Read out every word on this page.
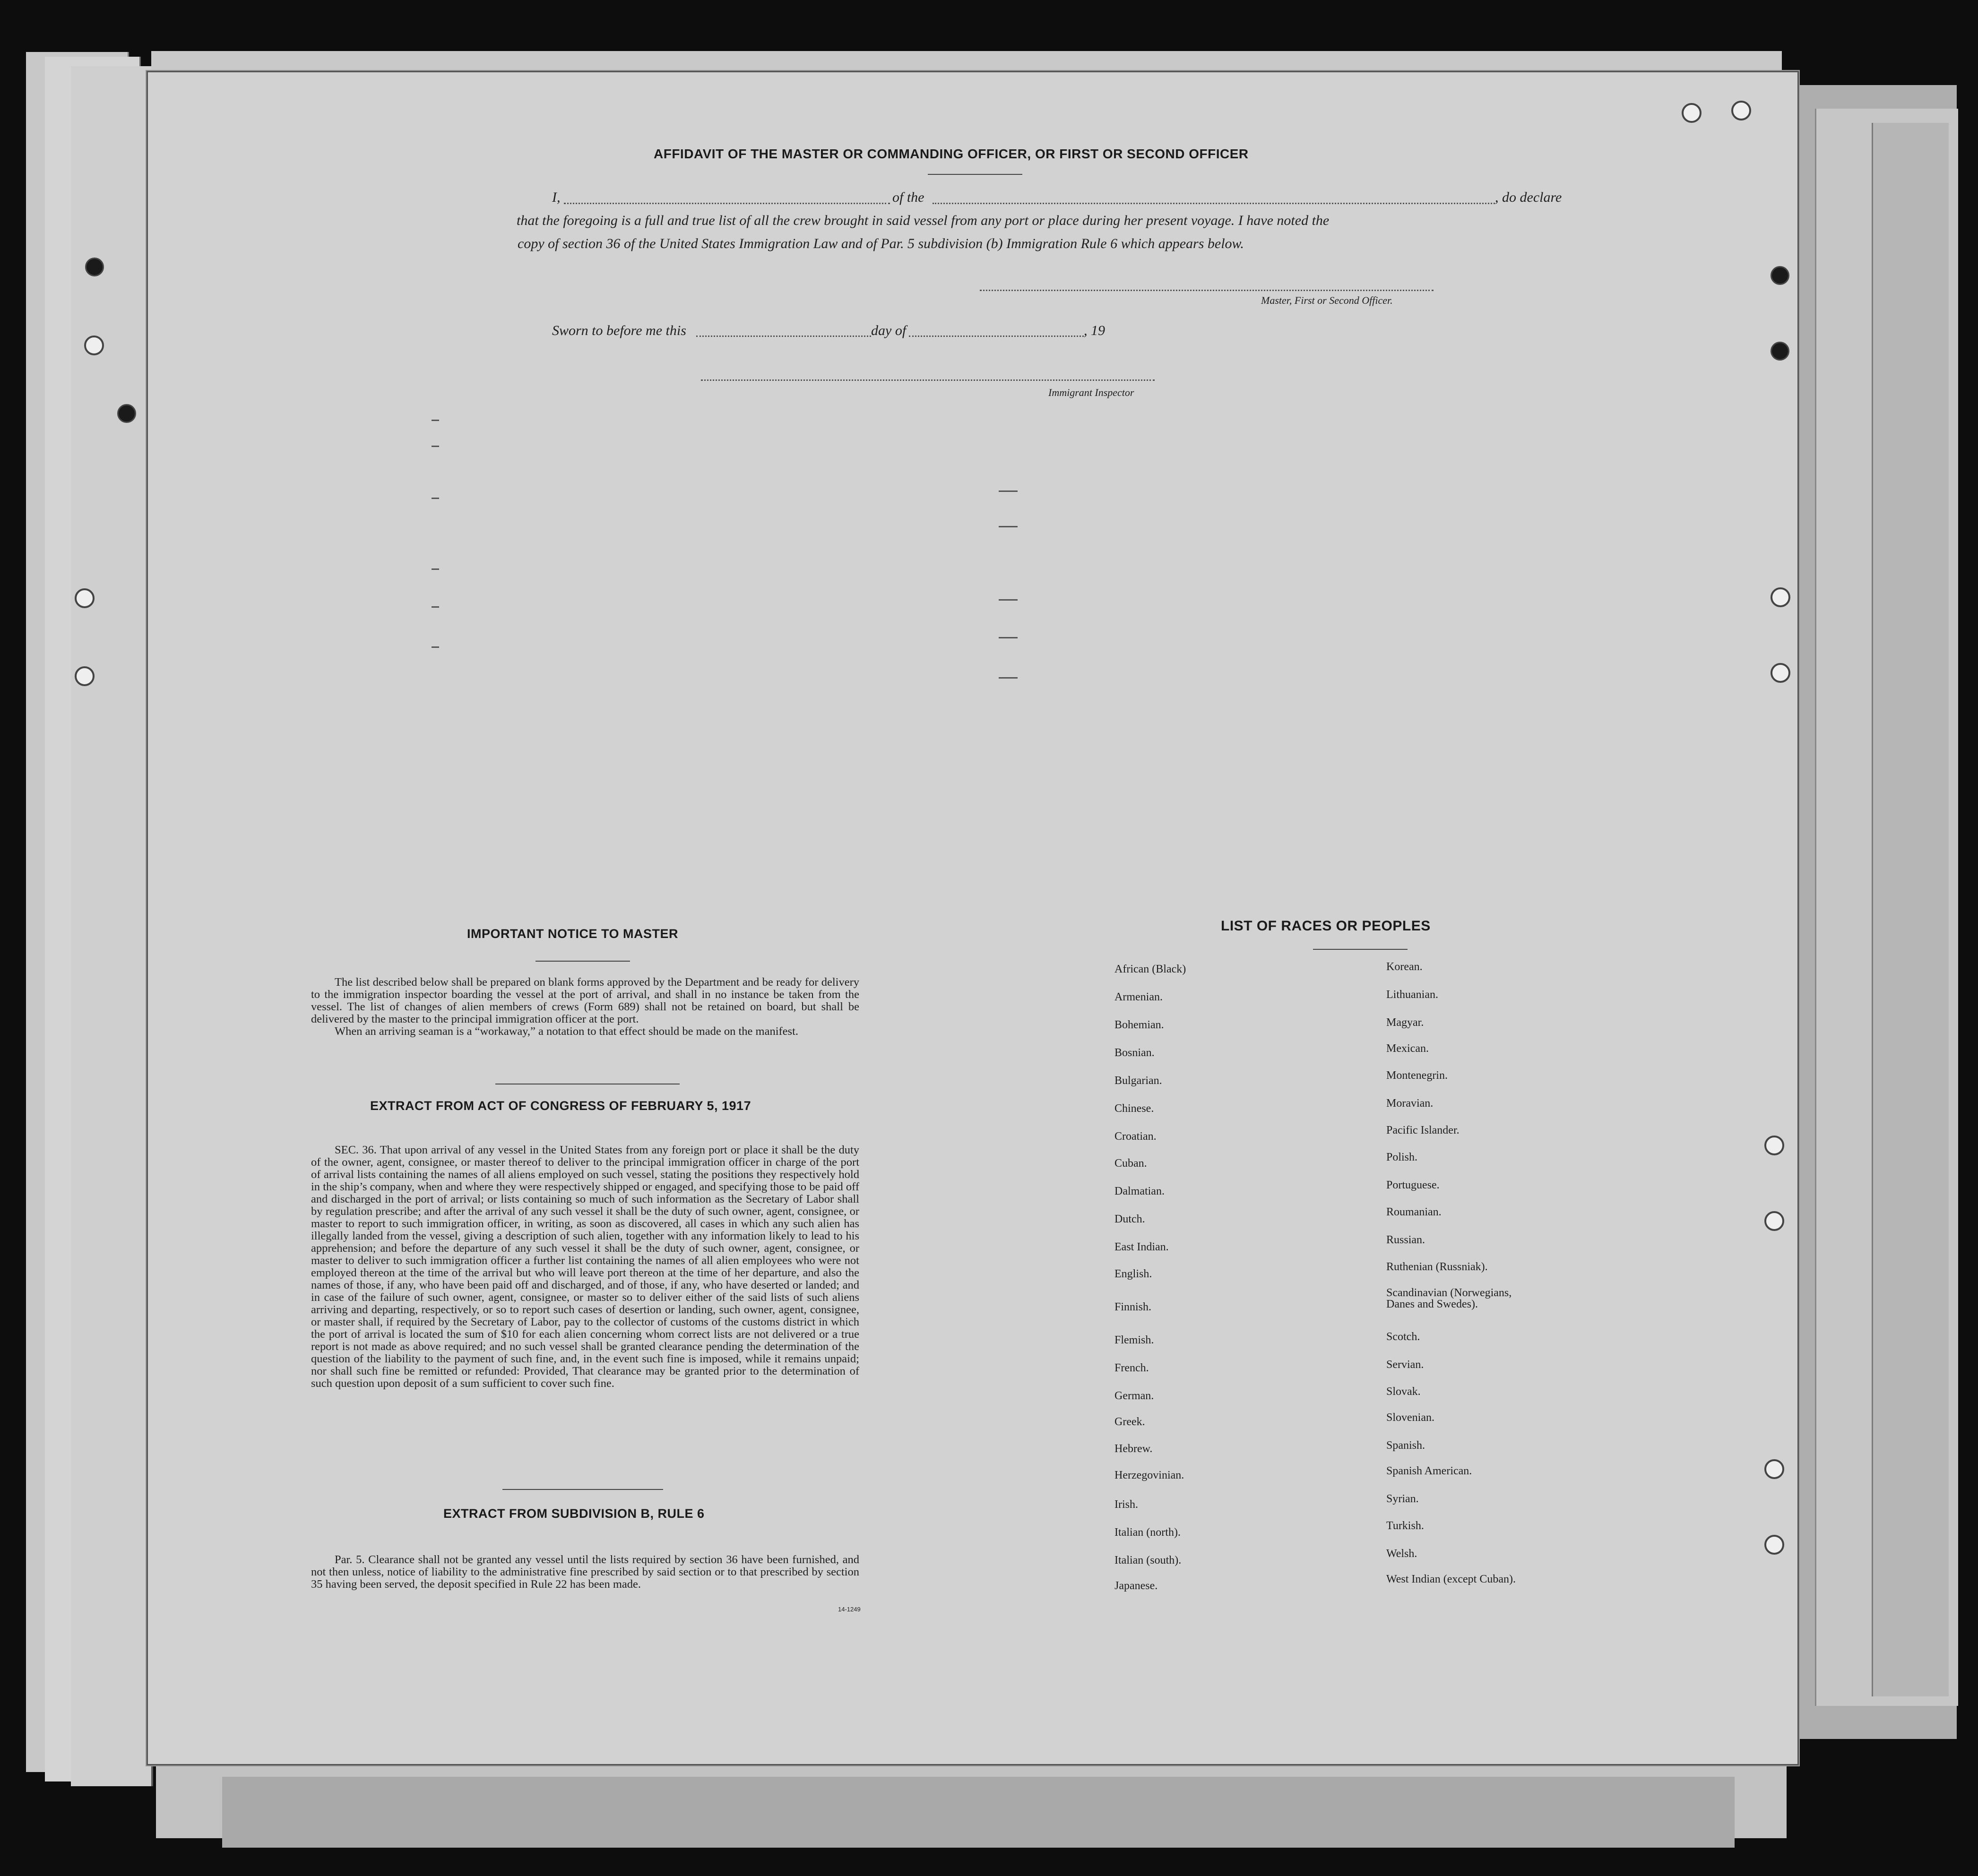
AFFIDAVIT OF THE MASTER OR COMMANDING OFFICER, OR FIRST OR SECOND OFFICER
I,	of the	, do declare
that the foregoing is a full and true list of all the crew brought in said vessel from any port or place during her present voyage. I have noted the
copy of section 36 of the United States Immigration Law and of Par. 5 subdivision (b) Immigration Rule 6 which appears below.
Master, First or Second Officer.
Sworn to before me this	day of	, 19
Immigrant Inspector
IMPORTANT NOTICE TO MASTER

The list described below shall be prepared on blank forms approved by the Department and be ready for delivery to the immigration inspector boarding the vessel at the port of arrival, and shall in no instance be taken from the vessel. The list of changes of alien members of crews (Form 689) shall not be retained on board, but shall be delivered by the master to the principal immigration officer at the port.

When an arriving seaman is a “workaway,” a notation to that effect should be made on the manifest.

EXTRACT FROM ACT OF CONGRESS OF FEBRUARY 5, 1917

SEC. 36. That upon arrival of any vessel in the United States from any foreign port or place it shall be the duty of the owner, agent, consignee, or master thereof to deliver to the principal immigration officer in charge of the port of arrival lists containing the names of all aliens employed on such vessel, stating the positions they respectively hold in the ship’s company, when and where they were respectively shipped or engaged, and specifying those to be paid off and discharged in the port of arrival; or lists containing so much of such information as the Secretary of Labor shall by regulation prescribe; and after the arrival of any such vessel it shall be the duty of such owner, agent, consignee, or master to report to such immigration officer, in writing, as soon as discovered, all cases in which any such alien has illegally landed from the vessel, giving a description of such alien, together with any information likely to lead to his apprehension; and before the departure of any such vessel it shall be the duty of such owner, agent, consignee, or master to deliver to such immigration officer a further list containing the names of all alien employees who were not employed thereon at the time of the arrival but who will leave port thereon at the time of her departure, and also the names of those, if any, who have been paid off and discharged, and of those, if any, who have deserted or landed; and in case of the failure of such owner, agent, consignee, or master so to deliver either of the said lists of such aliens arriving and departing, respectively, or so to report such cases of desertion or landing, such owner, agent, consignee, or master shall, if required by the Secretary of Labor, pay to the collector of customs of the customs district in which the port of arrival is located the sum of $10 for each alien concerning whom correct lists are not delivered or a true report is not made as above required; and no such vessel shall be granted clearance pending the determination of the question of the liability to the payment of such fine, and, in the event such fine is imposed, while it remains unpaid; nor shall such fine be remitted or refunded: Provided, That clearance may be granted prior to the determination of such question upon deposit of a sum sufficient to cover such fine.

EXTRACT FROM SUBDIVISION B, RULE 6

Par. 5. Clearance shall not be granted any vessel until the lists required by section 36 have been furnished, and not then unless, notice of liability to the administrative fine prescribed by said section or to that prescribed by section 35 having been served, the deposit specified in Rule 22 has been made.

14-1249
LIST OF RACES OR PEOPLES
African (Black)
Armenian.
Bohemian.
Bosnian.
Bulgarian.
Chinese.
Croatian.
Cuban.
Dalmatian.
Dutch.
East Indian.
English.
Finnish.
Flemish.
French.
German.
Greek.
Hebrew.
Herzegovinian.
Irish.
Italian (north).
Italian (south).
Japanese.
Korean.
Lithuanian.
Magyar.
Mexican.
Montenegrin.
Moravian.
Pacific Islander.
Polish.
Portuguese.
Roumanian.
Russian.
Ruthenian (Russniak).
Scandinavian (Norwegians,
Danes and Swedes).
Scotch.
Servian.
Slovak.
Slovenian.
Spanish.
Spanish American.
Syrian.
Turkish.
Welsh.
West Indian (except Cuban).
